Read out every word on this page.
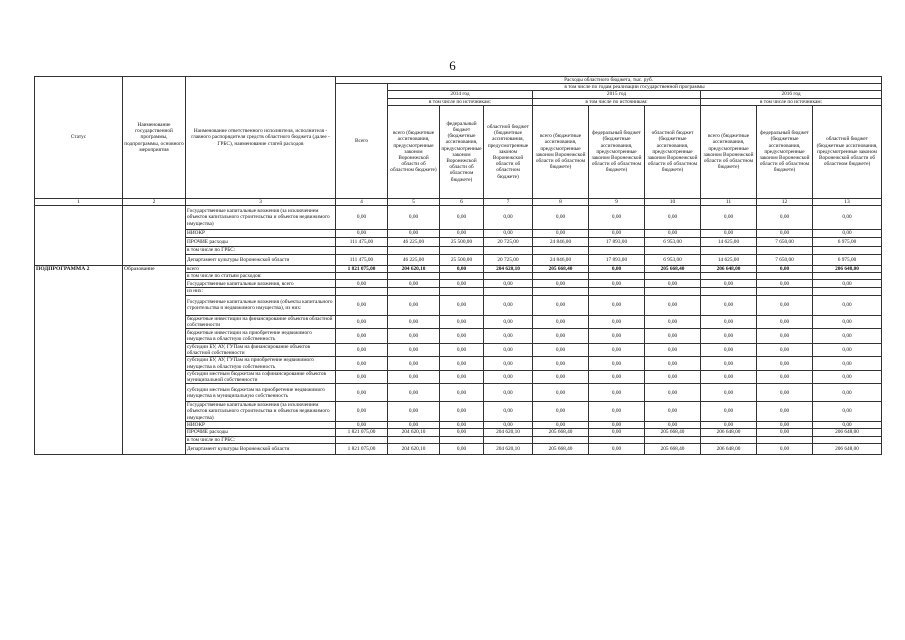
6
Статус	Наименование государственной программы, подпрограммы, основного мероприятия	Наименование ответственного исполнителя, исполнителя - главного распорядителя средств областного бюджета (далее - ГРБС), наименование статей расходов	Расходы областного бюджета, тыс. руб.									
			Всего	в том числе по годам реализации государственной программы								
				2014 год			2015 год			2016 год		
				в том числе по источникам:			в том числе по источникам:			в том числе по источникам:		
				всего (бюджетные ассигнования, предусмотренные законом Воронежской области об областном бюджете)	федеральный бюджет (бюджетные ассигнования, предусмотренные законом Воронежской области об областном бюджете)	областной бюджет (бюджетные ассигнования, предусмотренные законом Воронежской области об областном бюджете)	всего (бюджетные ассигнования, предусмотренные законом Воронежской области об областном бюджете)	федеральный бюджет (бюджетные ассигнования, предусмотренные законом Воронежской области об областном бюджете)	областной бюджет (бюджетные ассигнования, предусмотренные законом Воронежской области об областном бюджете)	всего (бюджетные ассигнования, предусмотренные законом Воронежской области об областном бюджете)	федеральный бюджет (бюджетные ассигнования, предусмотренные законом Воронежской области об областном бюджете)	областной бюджет (бюджетные ассигнования, предусмотренные законом Воронежской области об областном бюджете)
1	2	3	4	5	6	7	8	9	10	11	12	13
		Государственные капитальные вложения (за исключением объектов капитального строительства и объектов недвижимого имущества)	0,00	0,00	0,00	0,00	0,00	0,00	0,00	0,00	0,00	0,00
		НИОКР	0,00	0,00	0,00	0,00	0,00	0,00	0,00	0,00	0,00	0,00
		ПРОЧИЕ расходы	111 475,00	46 225,00	25 500,00	20 725,00	24 846,00	17 893,00	6 953,00	14 625,00	7 650,00	6 975,00
		в том числе по ГРБС:										
		Департамент культуры Воронежской области	111 475,00	46 225,00	25 500,00	20 725,00	24 846,00	17 893,00	6 953,00	14 625,00	7 650,00	6 975,00
ПОДПРОГРАММА 2	Образование	всего	1 821 075,00	204 620,10	0,00	204 620,10	205 668,40	0,00	205 668,40	206 648,00	0,00	206 648,00
		в том числе по статьям расходов:										
		Государственные капитальные вложения, всего	0,00	0,00	0,00	0,00	0,00	0,00	0,00	0,00	0,00	0,00
		из них:										
		Государственные капитальные вложения (объекты капитального строительства и недвижимого имущества), из них:	0,00	0,00	0,00	0,00	0,00	0,00	0,00	0,00	0,00	0,00
		бюджетные инвестиции на финансирование объектов областной собственности	0,00	0,00	0,00	0,00	0,00	0,00	0,00	0,00	0,00	0,00
		бюджетные инвестиции на приобретение недвижимого имущества в областную собственность	0,00	0,00	0,00	0,00	0,00	0,00	0,00	0,00	0,00	0,00
		субсидии БУ, АУ, ГУПам на финансирование объектов областной собственности	0,00	0,00	0,00	0,00	0,00	0,00	0,00	0,00	0,00	0,00
		субсидии БУ, АУ, ГУПам на приобретение недвижимого имущества в областную собственность	0,00	0,00	0,00	0,00	0,00	0,00	0,00	0,00	0,00	0,00
		субсидии местным бюджетам на софинансирование объектов муниципальной собственности	0,00	0,00	0,00	0,00	0,00	0,00	0,00	0,00	0,00	0,00
		субсидии местным бюджетам на приобретение недвижимого имущества в муниципальную собственность	0,00	0,00	0,00	0,00	0,00	0,00	0,00	0,00	0,00	0,00
		Государственные капитальные вложения (за исключением объектов капитального строительства и объектов недвижимого имущества)	0,00	0,00	0,00	0,00	0,00	0,00	0,00	0,00	0,00	0,00
		НИОКР	0,00	0,00	0,00	0,00	0,00	0,00	0,00	0,00	0,00	0,00
		ПРОЧИЕ расходы	1 821 075,00	204 620,10	0,00	204 620,10	205 668,40	0,00	205 668,40	206 648,00	0,00	206 648,00
		в том числе по ГРБС:										
		Департамент культуры Воронежской области	1 821 075,00	204 620,10	0,00	204 620,10	205 668,40	0,00	205 668,40	206 648,00	0,00	206 648,00
